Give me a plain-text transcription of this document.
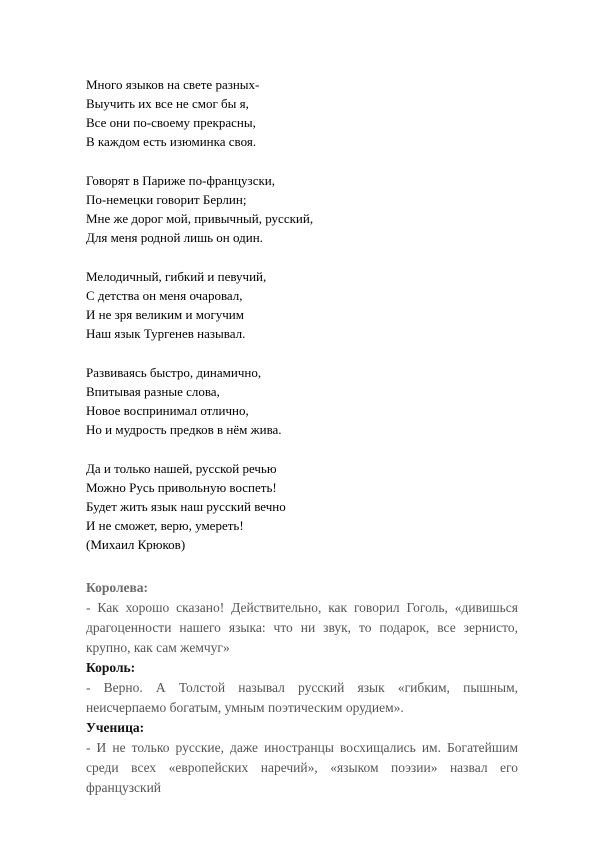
Много языков на свете разных-
Выучить их все не смог бы я,
Все они по-своему прекрасны,
В каждом есть изюминка своя.
Говорят в Париже по-французски,
По-немецки говорит Берлин;
Мне же дорог мой, привычный, русский,
Для меня родной лишь он один.
Мелодичный, гибкий и певучий,
С детства он меня очаровал,
И не зря великим и могучим
Наш язык Тургенев называл.
Развиваясь быстро, динамично,
Впитывая разные слова,
Новое воспринимал отлично,
Но и мудрость предков в нём жива.
Да и только нашей, русской речью
Можно Русь привольную воспеть!
Будет жить язык наш русский вечно
И не сможет, верю, умереть!
(Михаил Крюков)
Королева:
- Как хорошо сказано! Действительно, как говорил Гоголь, «дивишься драгоценности нашего языка: что ни звук, то подарок, все зернисто, крупно, как сам жемчуг»
Король:
- Верно. А Толстой называл русский язык «гибким, пышным, неисчерпаемо богатым, умным поэтическим орудием».
Ученица:
- И не только русские, даже иностранцы восхищались им. Богатейшим среди всех «европейских наречий», «языком поэзии» назвал его французский
